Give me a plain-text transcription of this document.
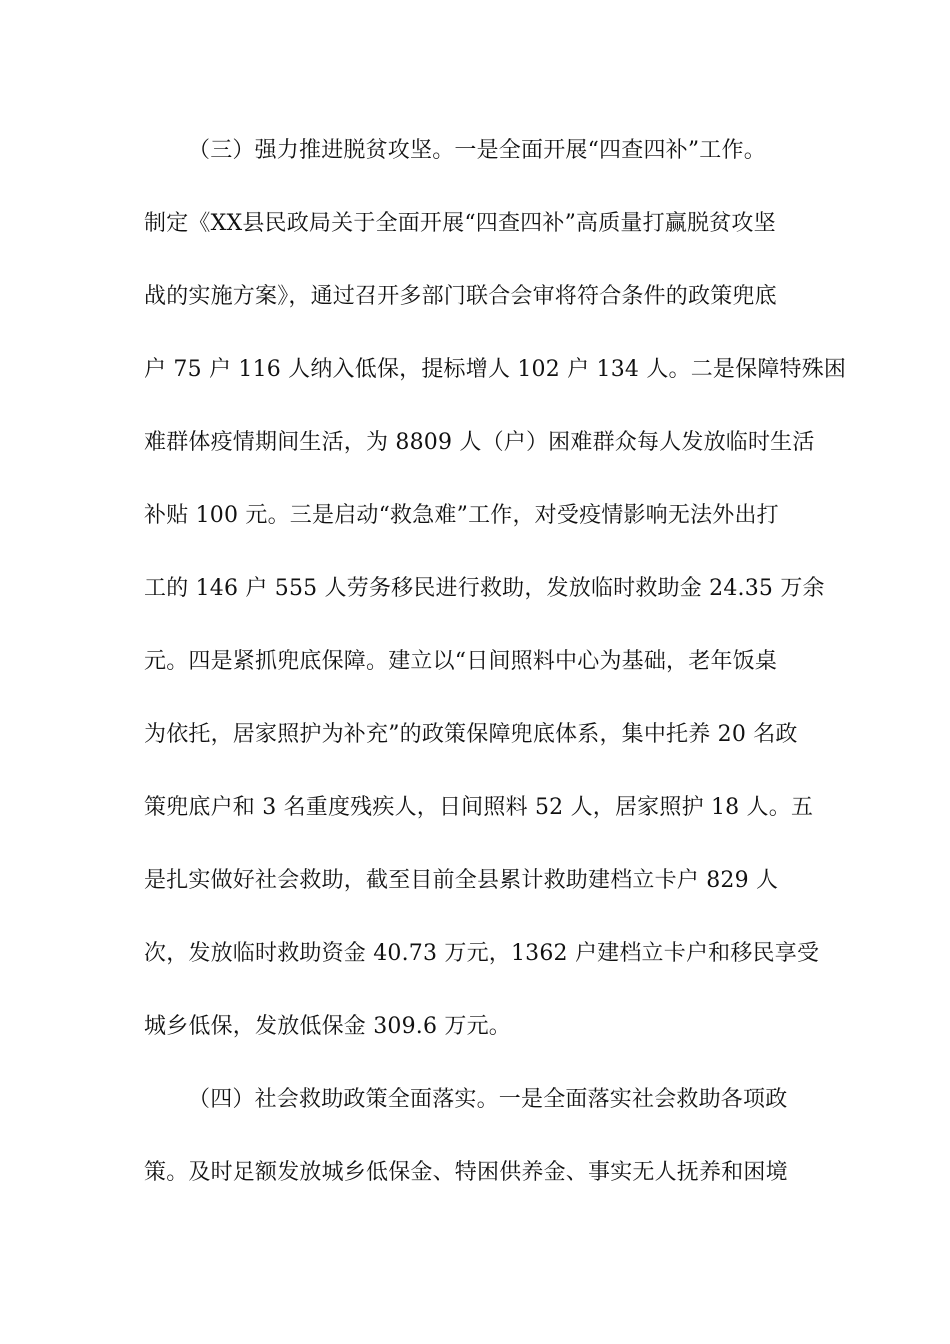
（三）强力推进脱贫攻坚。一是全面开展“四查四补”工作。
制定《XX县民政局关于全面开展“四查四补”高质量打赢脱贫攻坚
战的实施方案》，通过召开多部门联合会审将符合条件的政策兜底
户 75 户 116 人纳入低保，提标增人 102 户 134 人。二是保障特殊困
难群体疫情期间生活，为 8809 人（户）困难群众每人发放临时生活
补贴 100 元。三是启动“救急难”工作，对受疫情影响无法外出打
工的 146 户 555 人劳务移民进行救助，发放临时救助金 24.35 万余
元。四是紧抓兜底保障。建立以“日间照料中心为基础，老年饭桌
为依托，居家照护为补充”的政策保障兜底体系，集中托养 20 名政
策兜底户和 3 名重度残疾人，日间照料 52 人，居家照护 18 人。五
是扎实做好社会救助，截至目前全县累计救助建档立卡户 829 人
次，发放临时救助资金 40.73 万元，1362 户建档立卡户和移民享受
城乡低保，发放低保金 309.6 万元。
（四）社会救助政策全面落实。一是全面落实社会救助各项政
策。及时足额发放城乡低保金、特困供养金、事实无人抚养和困境
